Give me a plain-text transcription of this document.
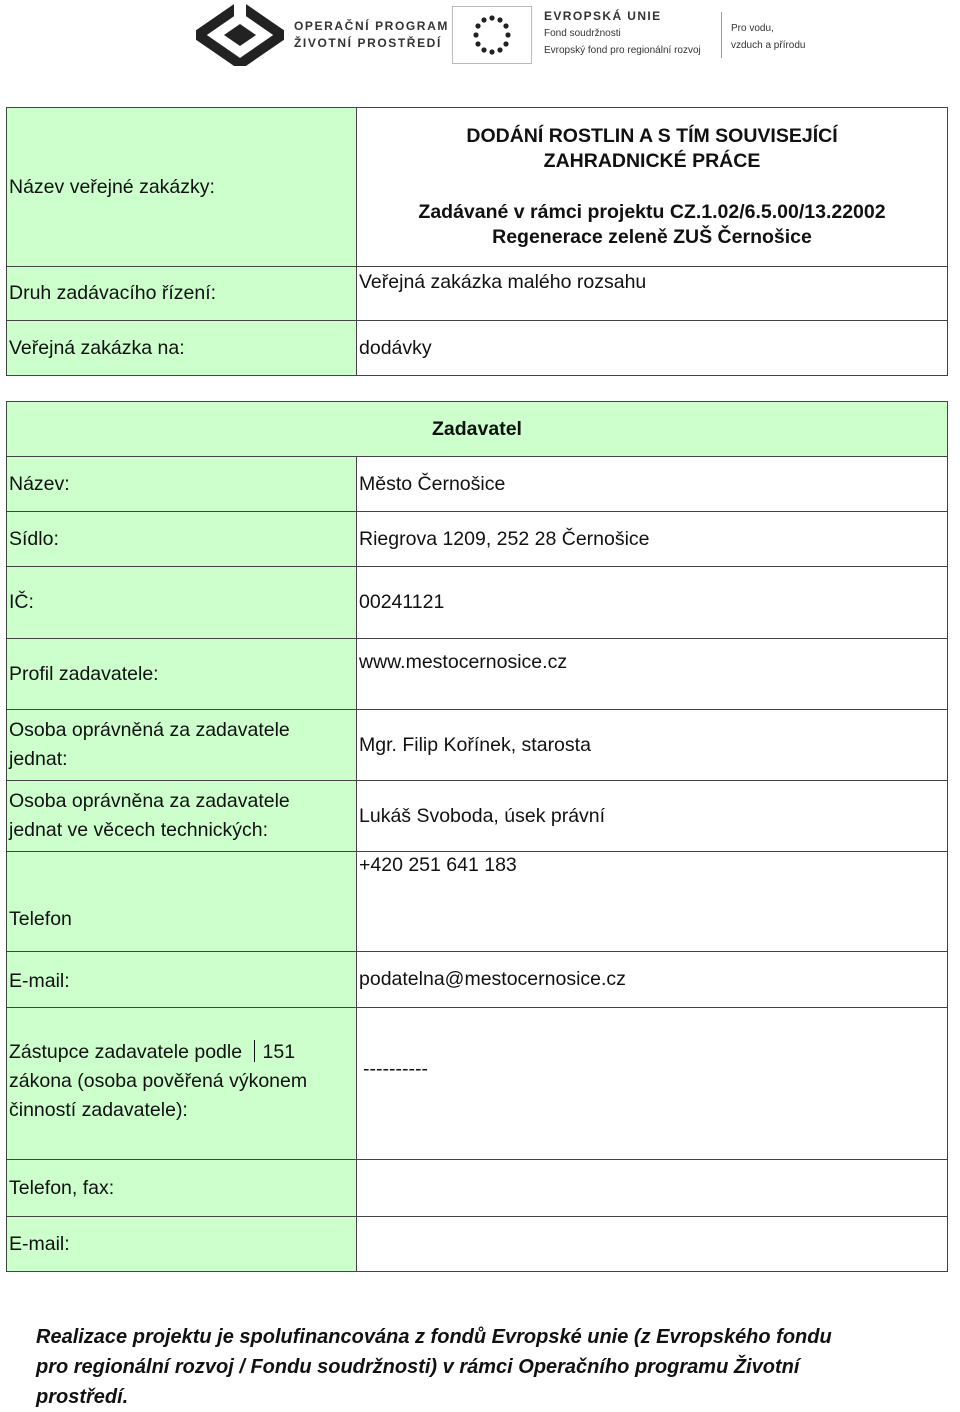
OPERAČNÍ PROGRAM
ŽIVOTNÍ PROSTŘEDÍ
EVROPSKÁ UNIE
Fond soudržnosti
Evropský fond pro regionální rozvoj
Pro vodu,
vzduch a přírodu
Název veřejné zakázky:	DODÁNÍ ROSTLIN A S TÍM SOUVISEJÍCÍ
ZAHRADNICKÉ PRÁCE
Zadávané v rámci projektu CZ.1.02/6.5.00/13.22002
Regenerace zeleně ZUŠ Černošice

Druh zadávacího řízení:	Veřejná zakázka malého rozsahu
Veřejná zakázka na:	dodávky
Zadavatel	
Název:	Město Černošice
Sídlo:	Riegrova 1209, 252 28 Černošice
IČ:	00241121
Profil zadavatele:	www.mestocernosice.cz

Osoba oprávněná za zadavatele
jednat:	Mgr. Filip Kořínek, starosta

Osoba oprávněna za zadavatele
jednat ve věcech technických:	Lukáš Svoboda, úsek právní
Telefon	+420 251 641 183
E-mail:	podatelna@mestocernosice.cz
Zástupce zadavatele podle 151
zákona (osoba pověřená výkonem
činností zadavatele):	----------
Telefon, fax:	
E-mail:	
Realizace projektu je spolufinancována z fondů Evropské unie (z Evropského fondu
pro regionální rozvoj / Fondu soudržnosti) v rámci Operačního programu Životní
prostředí.
